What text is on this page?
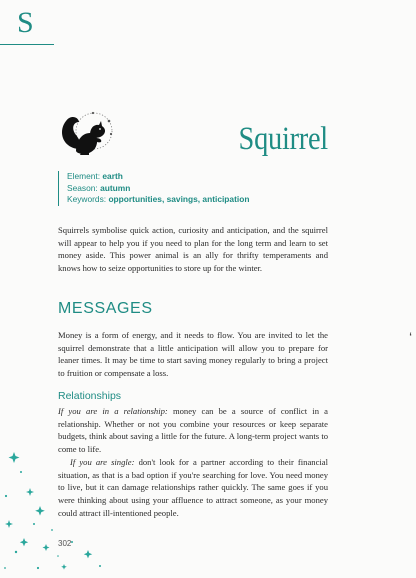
S
ʻ
Squirrel
Element: earth
Season: autumn
Keywords: opportunities, savings, anticipation
Squirrels symbolise quick action, curiosity and anticipation, and the squirrel will appear to help you if you need to plan for the long term and learn to set money aside. This power animal is an ally for thrifty temperaments and knows how to seize opportunities to store up for the winter.
MESSAGES
Money is a form of energy, and it needs to flow. You are invited to let the squirrel demonstrate that a little anticipation will allow you to prepare for leaner times. It may be time to start saving money regularly to bring a project to fruition or compensate a loss.
Relationships

If you are in a relationship: money can be a source of conflict in a relationship. Whether or not you combine your resources or keep separate budgets, think about saving a little for the future. A long-term project wants to come to life.

If you are single: don't look for a partner according to their financial situation, as that is a bad option if you're searching for love. You need money to live, but it can damage relationships rather quickly. The same goes if you were thinking about using your affluence to attract someone, as your money could attract ill-intentioned people.

302
